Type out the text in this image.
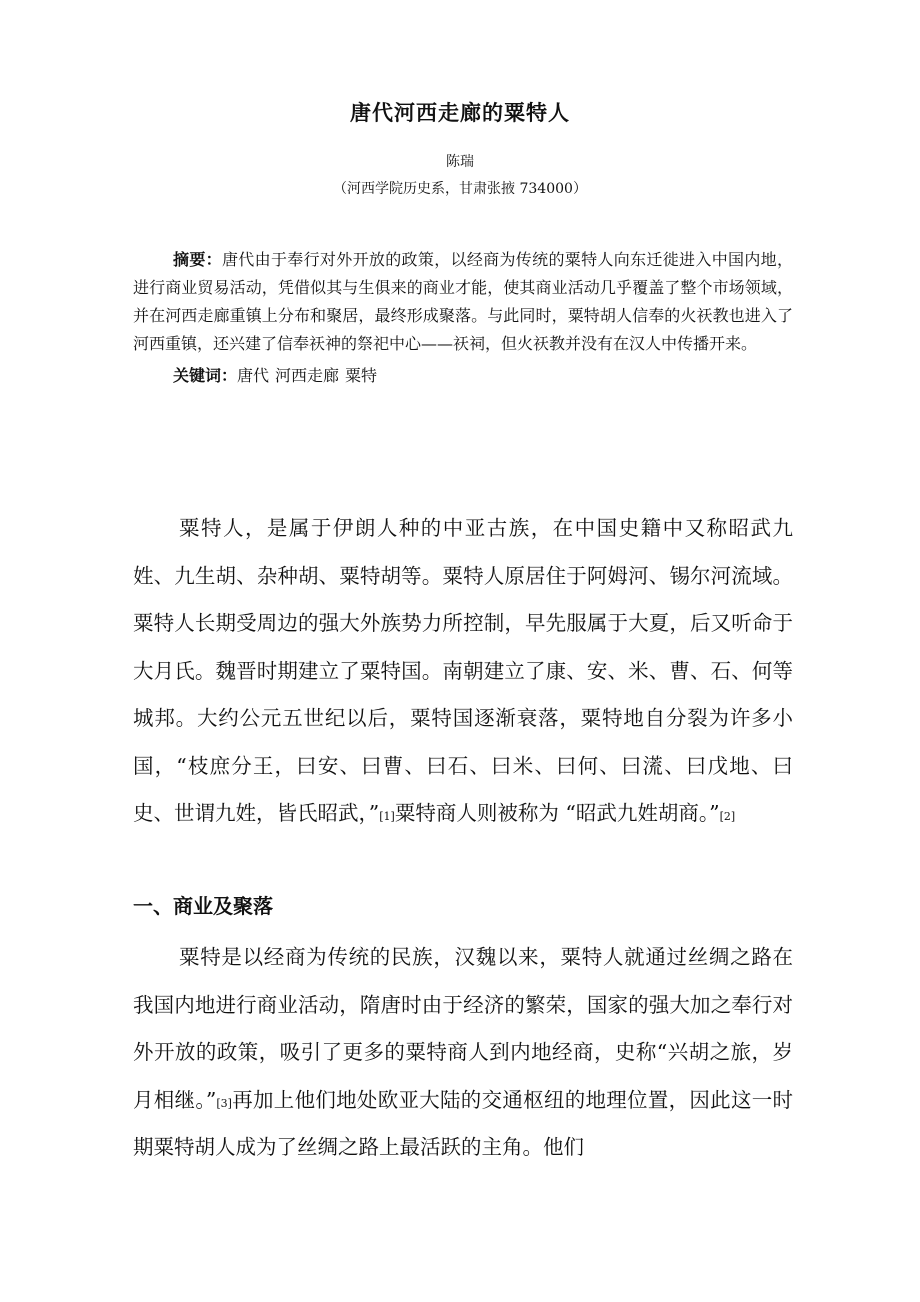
唐代河西走廊的粟特人
陈瑞
（河西学院历史系，甘肃张掖 734000）

摘要：唐代由于奉行对外开放的政策，以经商为传统的粟特人向东迁徙进入中国内地，进行商业贸易活动，凭借似其与生俱来的商业才能，使其商业活动几乎覆盖了整个市场领域，并在河西走廊重镇上分布和聚居，最终形成聚落。与此同时，粟特胡人信奉的火祆教也进入了河西重镇，还兴建了信奉祆神的祭祀中心——祆祠，但火祆教并没有在汉人中传播开来。

关键词：唐代 河西走廊 粟特

粟特人，是属于伊朗人种的中亚古族，在中国史籍中又称昭武九姓、九生胡、杂种胡、粟特胡等。粟特人原居住于阿姆河、锡尔河流域。粟特人长期受周边的强大外族势力所控制，早先服属于大夏，后又听命于大月氏。魏晋时期建立了粟特国。南朝建立了康、安、米、曹、石、何等城邦。大约公元五世纪以后，粟特国逐渐衰落，粟特地自分裂为许多小国，“枝庶分王，曰安、曰曹、曰石、曰米、曰何、曰㵁、曰戊地、曰史、世谓九姓，皆氏昭武，”[1]粟特商人则被称为 “昭武九姓胡商。”[2]

一、商业及聚落

粟特是以经商为传统的民族，汉魏以来，粟特人就通过丝绸之路在我国内地进行商业活动，隋唐时由于经济的繁荣，国家的强大加之奉行对外开放的政策，吸引了更多的粟特商人到内地经商，史称“兴胡之旅，岁月相继。”[3]再加上他们地处欧亚大陆的交通枢纽的地理位置，因此这一时期粟特胡人成为了丝绸之路上最活跃的主角。他们
